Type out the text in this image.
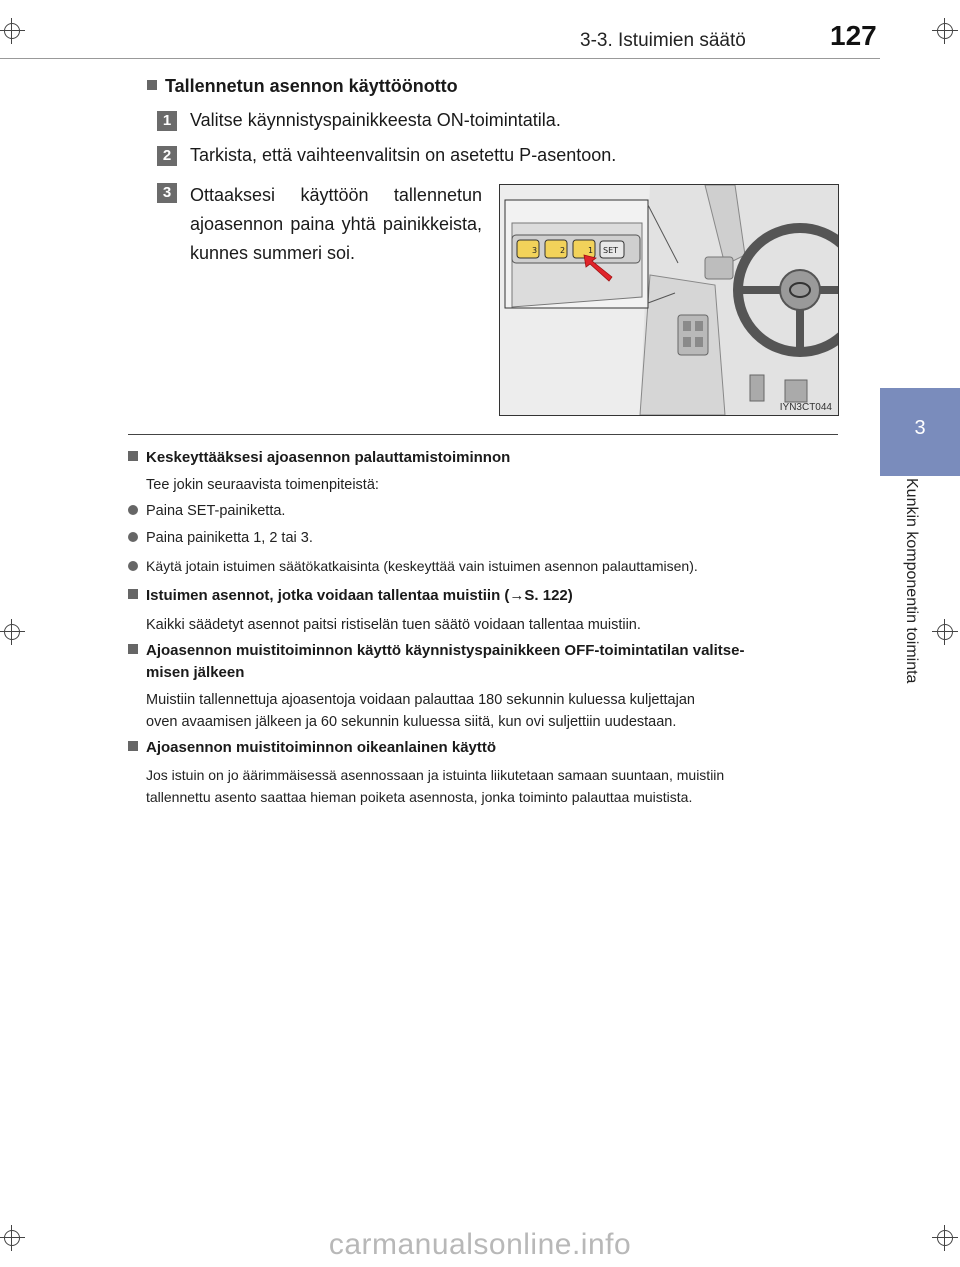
3-3. Istuimien säätö	127
3
Kunkin komponentin toiminta
Tallennetun asennon käyttöönotto
1	Valitse käynnistyspainikkeesta ON-toimintatila.
2	Tarkista, että vaihteenvalitsin on asetettu P-asentoon.
3	Ottaaksesi käyttöön tallennetun ajoasennon paina yhtä painikkeista, kunnes summeri soi.	3	2	1 SET
IYN3CT044
Keskeyttääksesi ajoasennon palauttamistoiminnon
Tee jokin seuraavista toimenpiteistä:
Paina SET-painiketta.
Paina painiketta 1, 2 tai 3.
Käytä jotain istuimen säätökatkaisinta (keskeyttää vain istuimen asennon palauttamisen).
Istuimen asennot, jotka voidaan tallentaa muistiin (→S. 122)
Kaikki säädetyt asennot paitsi ristiselän tuen säätö voidaan tallentaa muistiin.
Ajoasennon muistitoiminnon käyttö käynnistyspainikkeen OFF-toimintatilan valitse-
misen jälkeen
Muistiin tallennettuja ajoasentoja voidaan palauttaa 180 sekunnin kuluessa kuljettajan
oven avaamisen jälkeen ja 60 sekunnin kuluessa siitä, kun ovi suljettiin uudestaan.
Ajoasennon muistitoiminnon oikeanlainen käyttö
Jos istuin on jo äärimmäisessä asennossaan ja istuinta liikutetaan samaan suuntaan, muistiin
tallennettu asento saattaa hieman poiketa asennosta, jonka toiminto palauttaa muistista.
carmanualsonline.info
